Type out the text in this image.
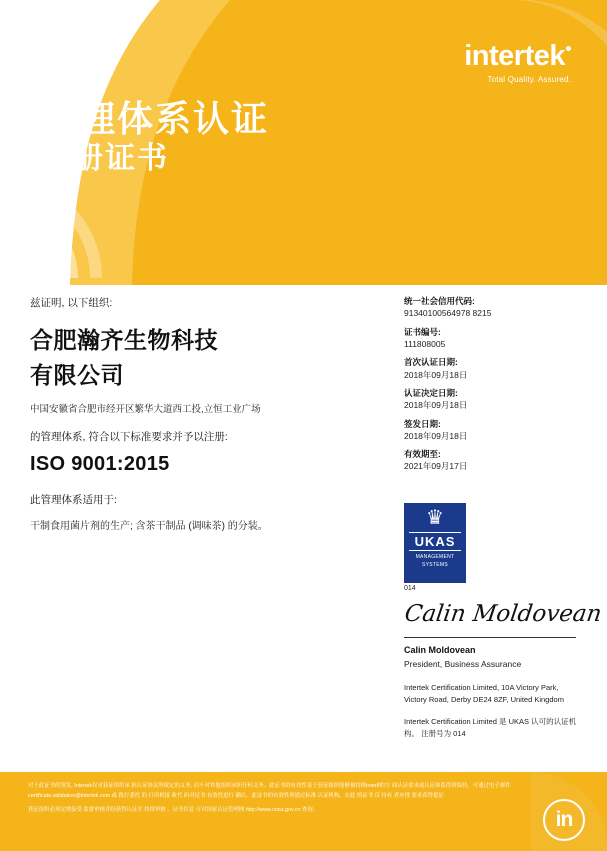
intertek
Total Quality. Assured.
管理体系认证
注册证书
兹证明, 以下组织:
合肥瀚齐生物科技
有限公司
中国安徽省合肥市经开区繁华大道西工投,立恒工业广场
的管理体系, 符合以下标准要求并予以注册:
ISO 9001:2015
此管理体系适用于:
干制食用菌片剂的生产; 含茶干制品 (调味茶) 的分装。
统一社会信用代码:
91340100564978 8215
证书编号:
111808005
首次认证日期:
2018年09月18日
认证决定日期:
2018年09月18日
签发日期:
2018年09月18日
有效期至:
2021年09月17日
♛
UKAS
MANAGEMENT
SYSTEMS
014
Calin Moldovean
Calin Moldovean
President, Business Assurance
Intertek Certification Limited, 10A Victory Park, Victory Road, Derby DE24 8ZF, United Kingdom
Intertek Certification Limited 是 UKAS 认可的认证机构。 注册号为 014

对于此证书的签发, Intertek仅对获证组织承 担认证协议所规定的义务, 而不对其他组织承担任何义务。此证书的有效性基于获证组织能够被持续inter8的方 面认证要求或认证体系得到保持。可通过电子邮件 certificate.validation@intertek.com 或 拨打委托 的 打印机接 收代 码对证书 有效性进行 确认。此证书的有效性须通过标准 认证机构。在此 的证书 仅 持有 者应授 要求获得提证

获证组织必须定期接受 监督审核并经获得认证并 持续审核 。证书信息 可对国家认证管理网 http://www.cnca.gov.cn 查询。	in
